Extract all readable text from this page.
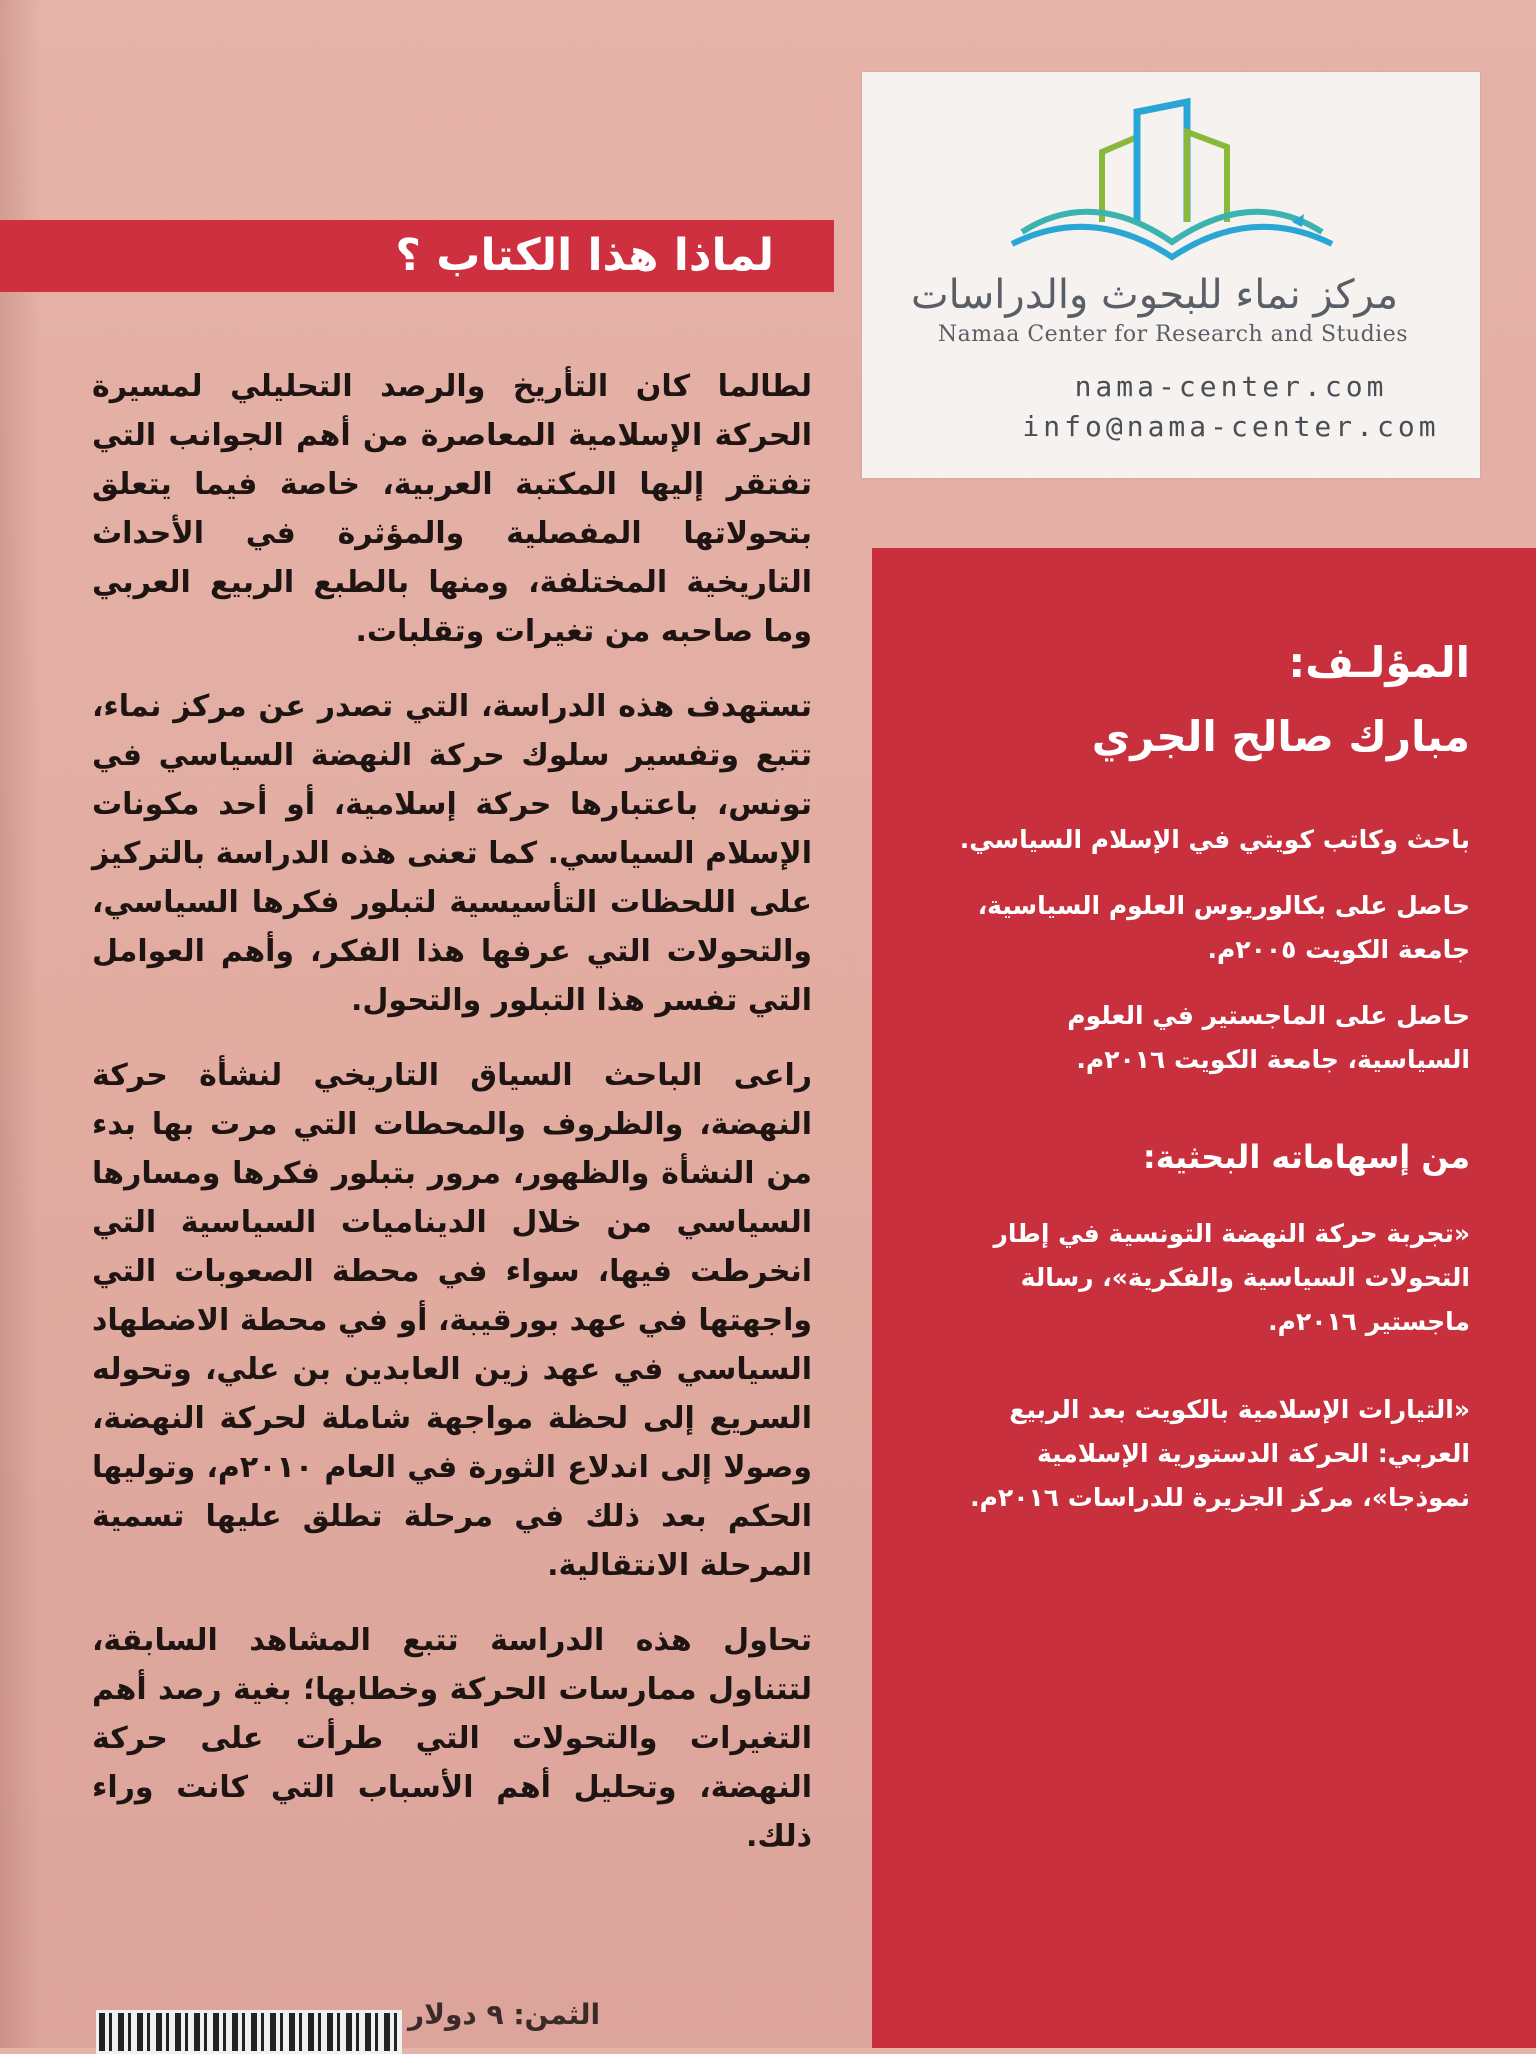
لماذا هذا الكتاب ؟

لطالما كان التأريخ والرصد التحليلي لمسيرة الحركة الإسلامية المعاصرة من أهم الجوانب التي تفتقر إليها المكتبة العربية، خاصة فيما يتعلق بتحولاتها المفصلية والمؤثرة في الأحداث التاريخية المختلفة، ومنها بالطبع الربيع العربي وما صاحبه من تغيرات وتقلبات.

تستهدف هذه الدراسة، التي تصدر عن مركز نماء، تتبع وتفسير سلوك حركة النهضة السياسي في تونس، باعتبارها حركة إسلامية، أو أحد مكونات الإسلام السياسي. كما تعنى هذه الدراسة بالتركيز على اللحظات التأسيسية لتبلور فكرها السياسي، والتحولات التي عرفها هذا الفكر، وأهم العوامل التي تفسر هذا التبلور والتحول.

راعى الباحث السياق التاريخي لنشأة حركة النهضة، والظروف والمحطات التي مرت بها بدء من النشأة والظهور، مرور بتبلور فكرها ومسارها السياسي من خلال الديناميات السياسية التي انخرطت فيها، سواء في محطة الصعوبات التي واجهتها في عهد بورقيبة، أو في محطة الاضطهاد السياسي في عهد زين العابدين بن علي، وتحوله السريع إلى لحظة مواجهة شاملة لحركة النهضة، وصولا إلى اندلاع الثورة في العام ٢٠١٠م، وتوليها الحكم بعد ذلك في مرحلة تطلق عليها تسمية المرحلة الانتقالية.

تحاول هذه الدراسة تتبع المشاهد السابقة، لتتناول ممارسات الحركة وخطابها؛ بغية رصد أهم التغيرات والتحولات التي طرأت على حركة النهضة، وتحليل أهم الأسباب التي كانت وراء ذلك.

مركز نماء للبحوث والدراسات
Namaa Center for Research and Studies
nama-center.com
info@nama-center.com
المؤلـف:
مبارك صالح الجري
باحث وكاتب كويتي في الإسلام السياسي.
حاصل على بكالوريوس العلوم السياسية، جامعة الكويت ٢٠٠٥م.
حاصل على الماجستير في العلوم السياسية، جامعة الكويت ٢٠١٦م.
من إسهاماته البحثية:
«تجربة حركة النهضة التونسية في إطار التحولات السياسية والفكرية»، رسالة ماجستير ٢٠١٦م.
«التيارات الإسلامية بالكويت بعد الربيع العربي: الحركة الدستورية الإسلامية نموذجا»، مركز الجزيرة للدراسات ٢٠١٦م.
الثمن: ٩ دولار
